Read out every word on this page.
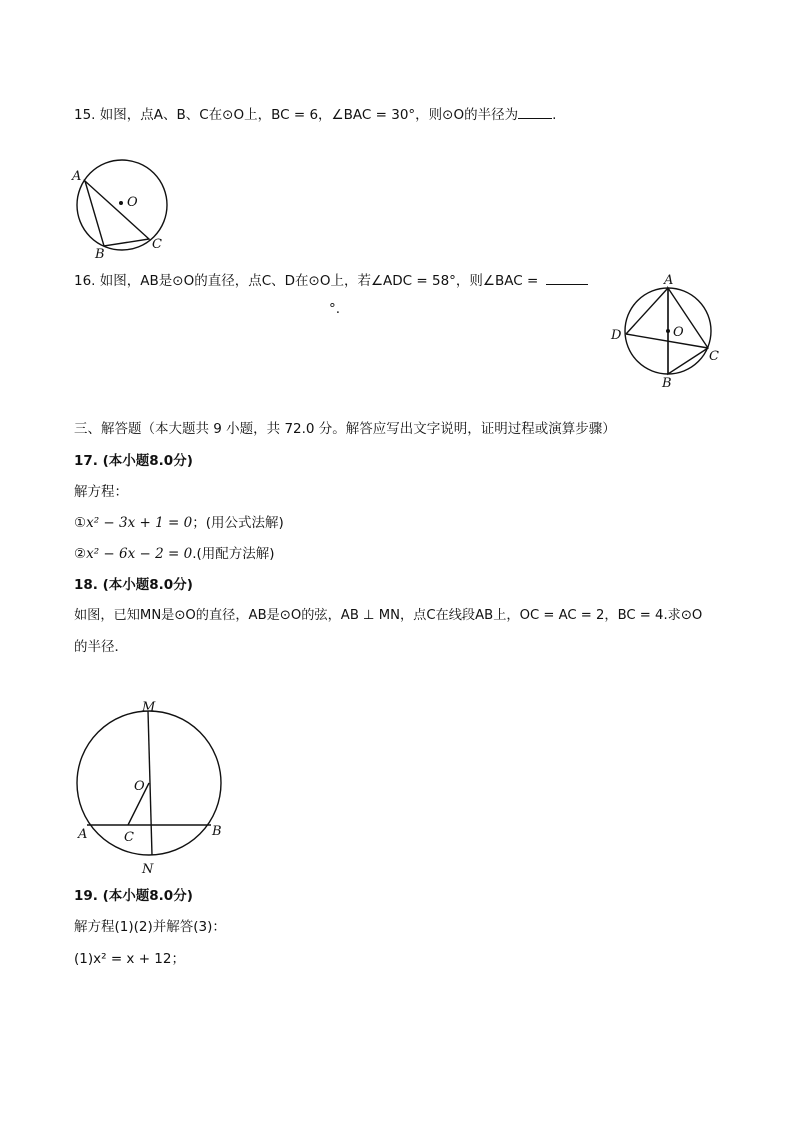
15. 如图，点A、B、C在⊙O上，BC = 6，∠BAC = 30°，则⊙O的半径为	.
A
B
C
O
16. 如图，AB是⊙O的直径，点C、D在⊙O上，若∠ADC = 58°，则∠BAC =
°.
A
B
C
D	O
三、解答题（本大题共 9 小题，共 72.0 分。解答应写出文字说明，证明过程或演算步骤）
17. (本小题8.0分)
解方程：
①x² − 3x + 1 = 0；(用公式法解)
②x² − 6x − 2 = 0.(用配方法解)
18. (本小题8.0分)
如图，已知MN是⊙O的直径，AB是⊙O的弦，AB ⊥ MN，点C在线段AB上，OC = AC = 2，BC = 4.求⊙O
的半径．
M
N
O
A	B
C
19. (本小题8.0分)
解方程(1)(2)并解答(3)：
(1)x² = x + 12；
